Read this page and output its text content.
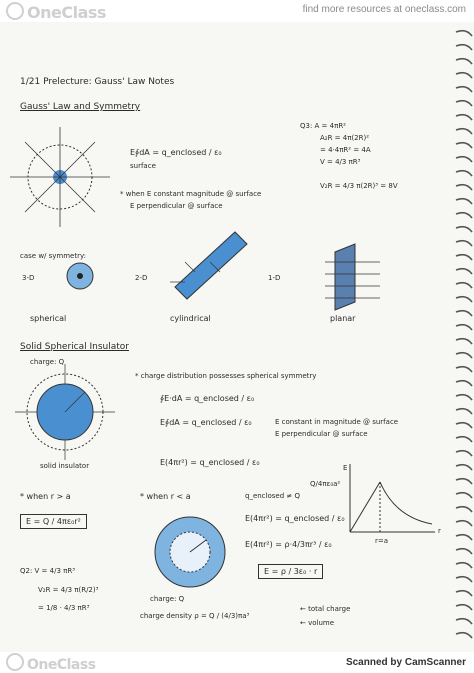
OneClass	find more resources at oneclass.com
1/21 Prelecture: Gauss' Law Notes
Gauss' Law and Symmetry
E∮dA = q_enclosed / ε₀
surface
* when E constant magnitude @ surface
E perpendicular @ surface
Q3: A = 4πR²
A₂R = 4π(2R)²
= 4·4πR² = 4A
V = 4/3 πR³
V₂R = 4/3 π(2R)³ = 8V
case w/ symmetry:
3-D	2-D	1-D
spherical	cylindrical	planar
Solid Spherical Insulator
charge: Q
solid insulator
* charge distribution possesses spherical symmetry
∮E·dA = q_enclosed / ε₀
E∮dA = q_enclosed / ε₀	E constant in magnitude @ surface
E perpendicular @ surface
E(4πr²) = q_enclosed / ε₀
E
Q/4πε₀a²
r=a
r
* when r > a
E = Q / 4πε₀r²
Q2: V = 4/3 πR³
V₂R = 4/3 π(R/2)³
= 1/8 · 4/3 πR³
* when r < a
charge: Q
q_enclosed ≠ Q
E(4πr²) = q_enclosed / ε₀
E(4πr²) = ρ·4/3πr³ / ε₀
E = ρ / 3ε₀ · r
charge density ρ = Q / (4/3)πa³
← total charge
← volume
OneClass	Scanned by CamScanner
